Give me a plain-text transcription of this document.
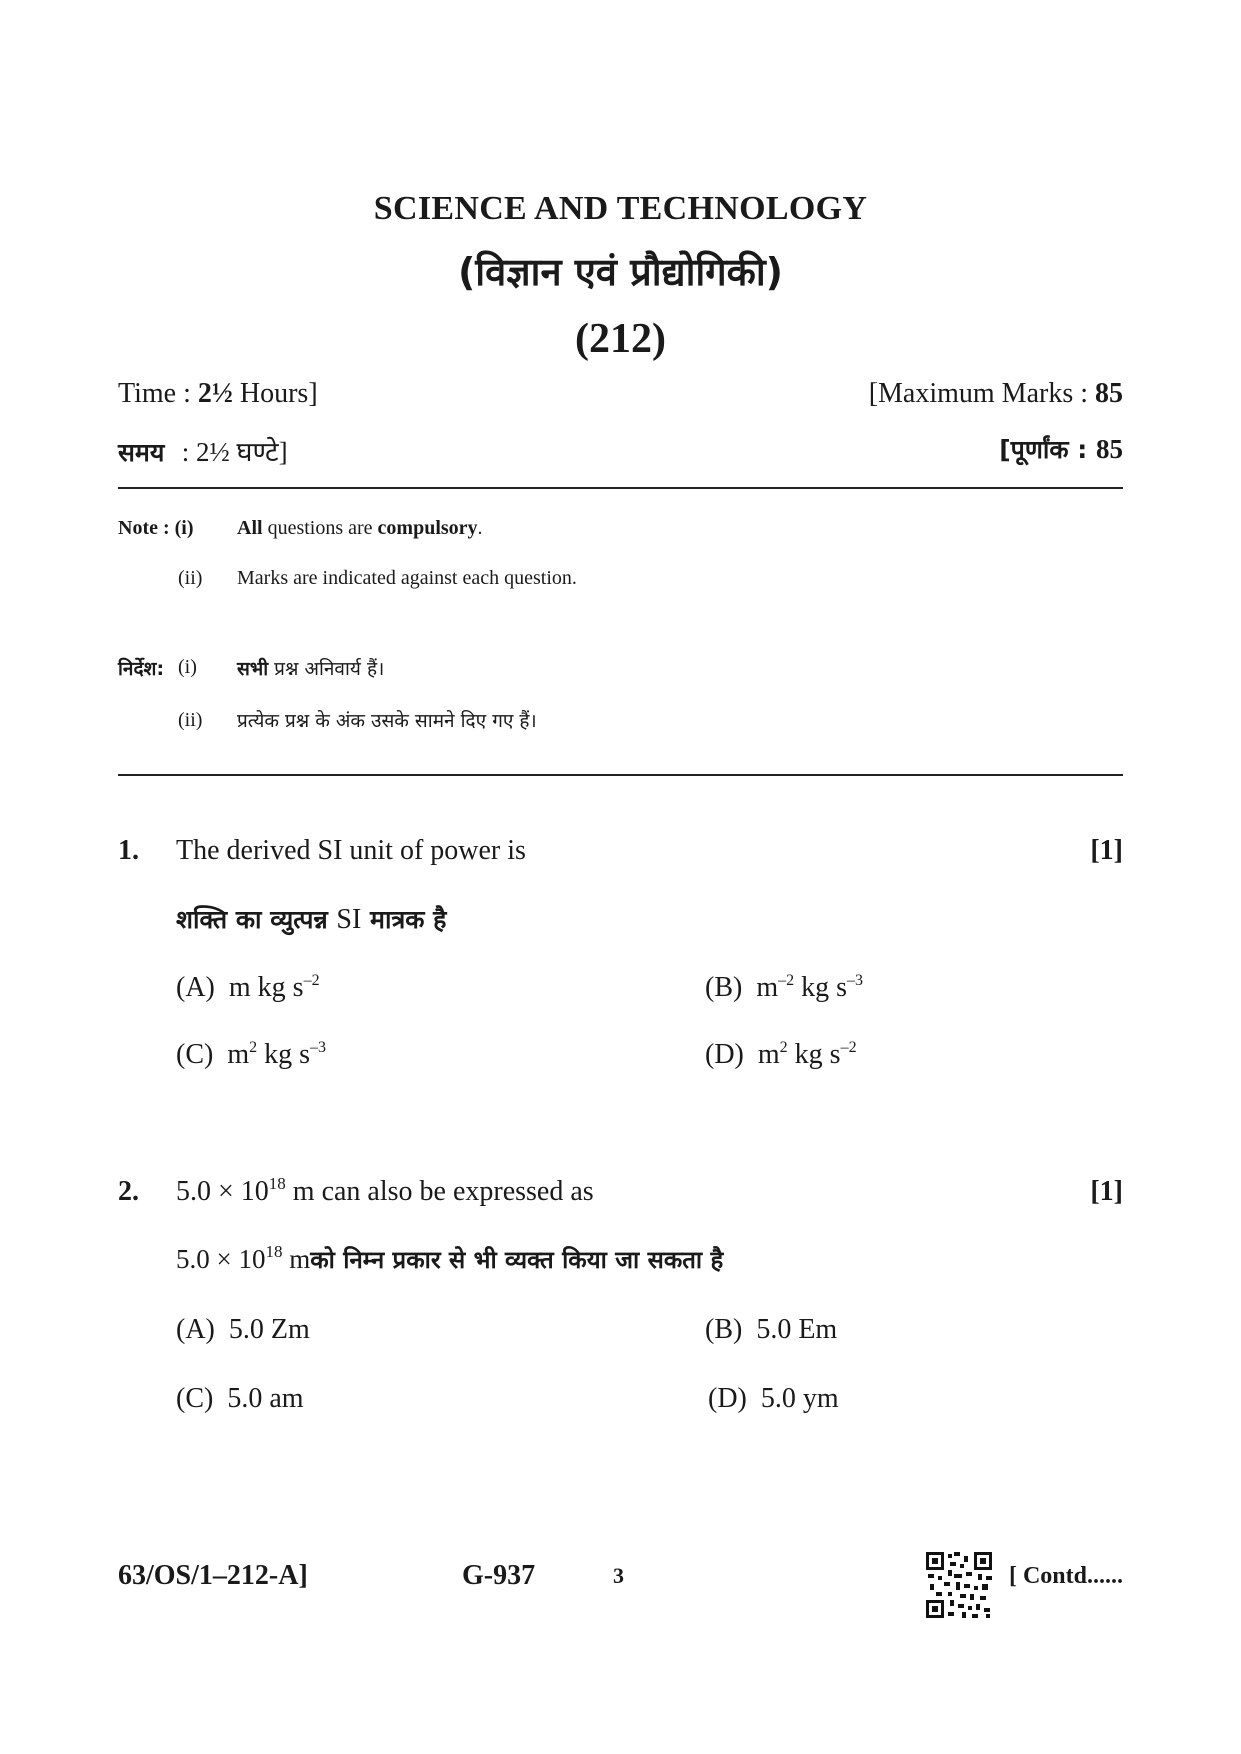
SCIENCE AND TECHNOLOGY
(विज्ञान एवं प्रौद्योगिकी)
(212)
Time : 2½ Hours]	[Maximum Marks : 85
समय : 2½ घण्टे]	[पूर्णांक : 85
Note : (i) All questions are compulsory.
(ii) Marks are indicated against each question.
निर्देश: (i) सभी प्रश्न अनिवार्य हैं।
(ii) प्रत्येक प्रश्न के अंक उसके सामने दिए गए हैं।
1. The derived SI unit of power is	[1]
शक्ति का व्युत्पन्न SI मात्रक है
(A) m kg $s^{-2}$	(B) $m^{-2}$ kg $s^{-3}$
(C) $m^2$ kg $s^{-3}$	(D) $m^2$ kg $s^{-2}$
2. $5.0 \times 10^{18}$ m can also be expressed as	[1]
$5.0 \times 10^{18}$ mको निम्न प्रकार से भी व्यक्त किया जा सकता है
(A) 5.0 Zm	(B) 5.0 Em
(C) 5.0 am	(D) 5.0 ym
63/OS/1–212-A]	G-937	3	[ Contd......
